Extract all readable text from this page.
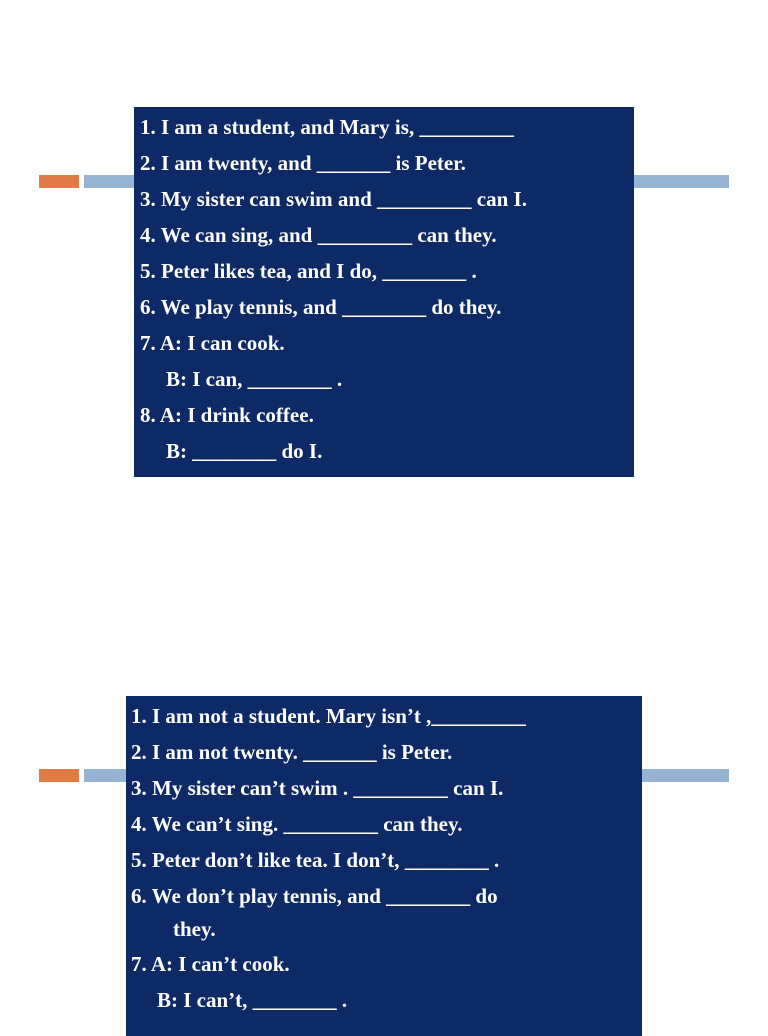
1. I am a student, and Mary is, _________
2. I am twenty, and _______ is Peter.
3. My sister can swim and _________ can I.
4. We can sing, and _________ can they.
5. Peter likes tea, and I do, ________ .
6. We play tennis, and ________ do they.
7. A: I can cook.
B: I can, ________ .
8. A: I drink coffee.
B: ________ do I.
1. I am not a student. Mary isn’t ,_________
2. I am not twenty. _______ is Peter.
3. My sister can’t swim . _________ can I.
4. We can’t sing. _________ can they.
5. Peter don’t like tea. I don’t, ________ .
6. We don’t play tennis, and ________ do
they.
7. A: I can’t cook.
B: I can’t, ________ .
